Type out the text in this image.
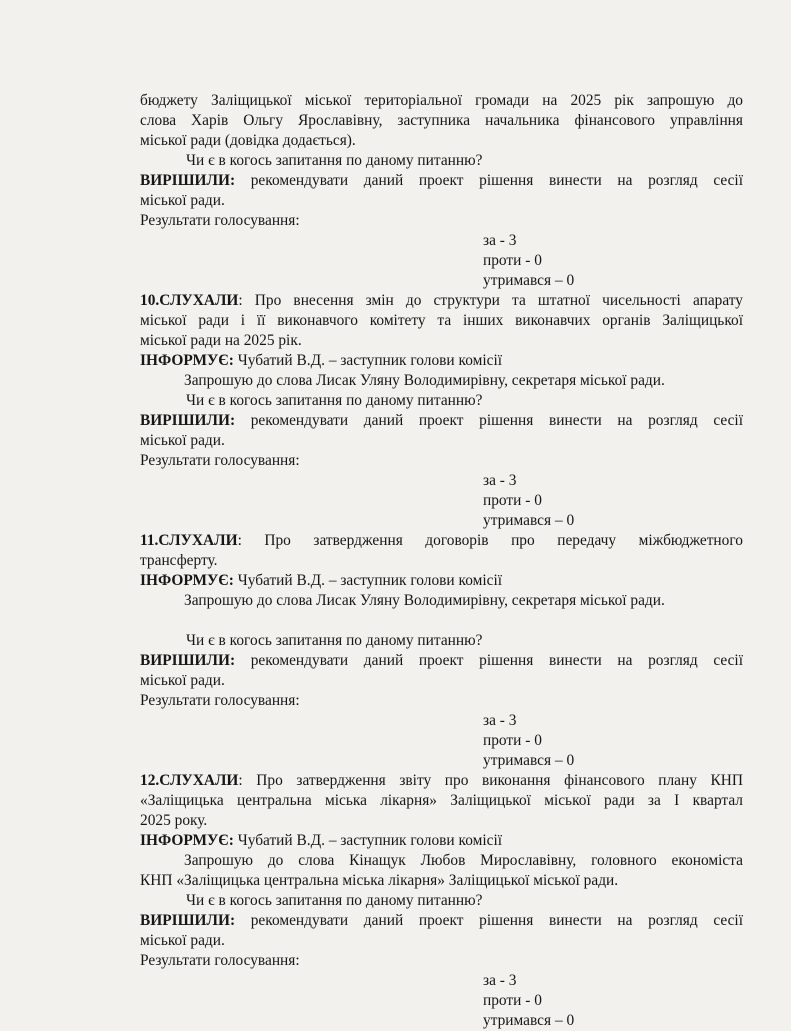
бюджету Заліщицької міської територіальної громади на 2025 рік запрошую до

слова Харів Ольгу Ярославівну, заступника начальника фінансового управління

міської ради (довідка додається).

Чи є в когось запитання по даному питанню?

ВИРІШИЛИ: рекомендувати даний проект рішення винести на розгляд сесії

міської ради.

Результати голосування:

за - 3

проти - 0

утримався – 0

10.СЛУХАЛИ: Про внесення змін до структури та штатної чисельності апарату

міської ради і її виконавчого комітету та інших виконавчих органів Заліщицької

міської ради на 2025 рік.

ІНФОРМУЄ: Чубатий В.Д. – заступник голови комісії

Запрошую до слова Лисак Уляну Володимирівну, секретаря міської ради.

Чи є в когось запитання по даному питанню?

ВИРІШИЛИ: рекомендувати даний проект рішення винести на розгляд сесії

міської ради.

Результати голосування:

за - 3

проти - 0

утримався – 0

11.СЛУХАЛИ: Про затвердження договорів про передачу міжбюджетного

трансферту.

ІНФОРМУЄ: Чубатий В.Д. – заступник голови комісії

Запрошую до слова Лисак Уляну Володимирівну, секретаря міської ради.

Чи є в когось запитання по даному питанню?

ВИРІШИЛИ: рекомендувати даний проект рішення винести на розгляд сесії

міської ради.

Результати голосування:

за - 3

проти - 0

утримався – 0

12.СЛУХАЛИ: Про затвердження звіту про виконання фінансового плану КНП

«Заліщицька центральна міська лікарня» Заліщицької міської ради за І квартал

2025 року.

ІНФОРМУЄ: Чубатий В.Д. – заступник голови комісії

Запрошую до слова Кінащук Любов Мирославівну, головного економіста

КНП «Заліщицька центральна міська лікарня» Заліщицької міської ради.

Чи є в когось запитання по даному питанню?

ВИРІШИЛИ: рекомендувати даний проект рішення винести на розгляд сесії

міської ради.

Результати голосування:

за - 3

проти - 0

утримався – 0
